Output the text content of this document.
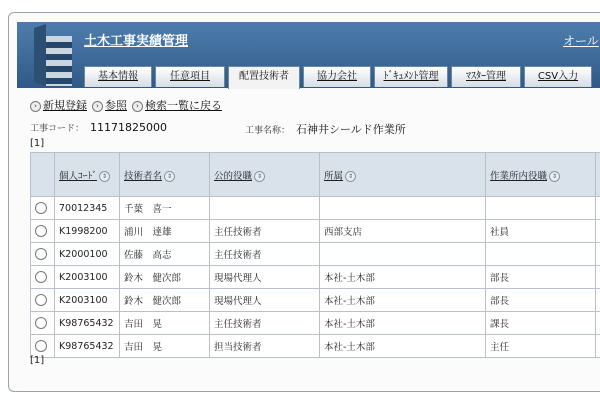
土木工事実績管理	オール
基本情報	任意項目	配置技術者	協力会社	ﾄﾞｷｭﾒﾝﾄ管理	ﾏｽﾀｰ管理	CSV入力
› 新規登録	› 参照	› 検索一覧に戻る
工事コード： 11171825000	工事名称： 石神井シールド作業所
[1]
	個人ｺｰﾄﾞ ⇕	技術者名 ⇕	公的役職 ⇕	所属 ⇕	作業所内役職 ⇕	
	70012345	千葉　喜一				
	K1998200	浦川　達雄	主任技術者	西部支店	社員	
	K2000100	佐藤　高志	主任技術者			
	K2003100	鈴木　健次郎	現場代理人	本社-土木部	部長	
	K2003100	鈴木　健次郎	現場代理人	本社-土木部	部長	
	K98765432	吉田　晃	主任技術者	本社-土木部	課長	
	K98765432	吉田　晃	担当技術者	本社-土木部	主任	
[1]
